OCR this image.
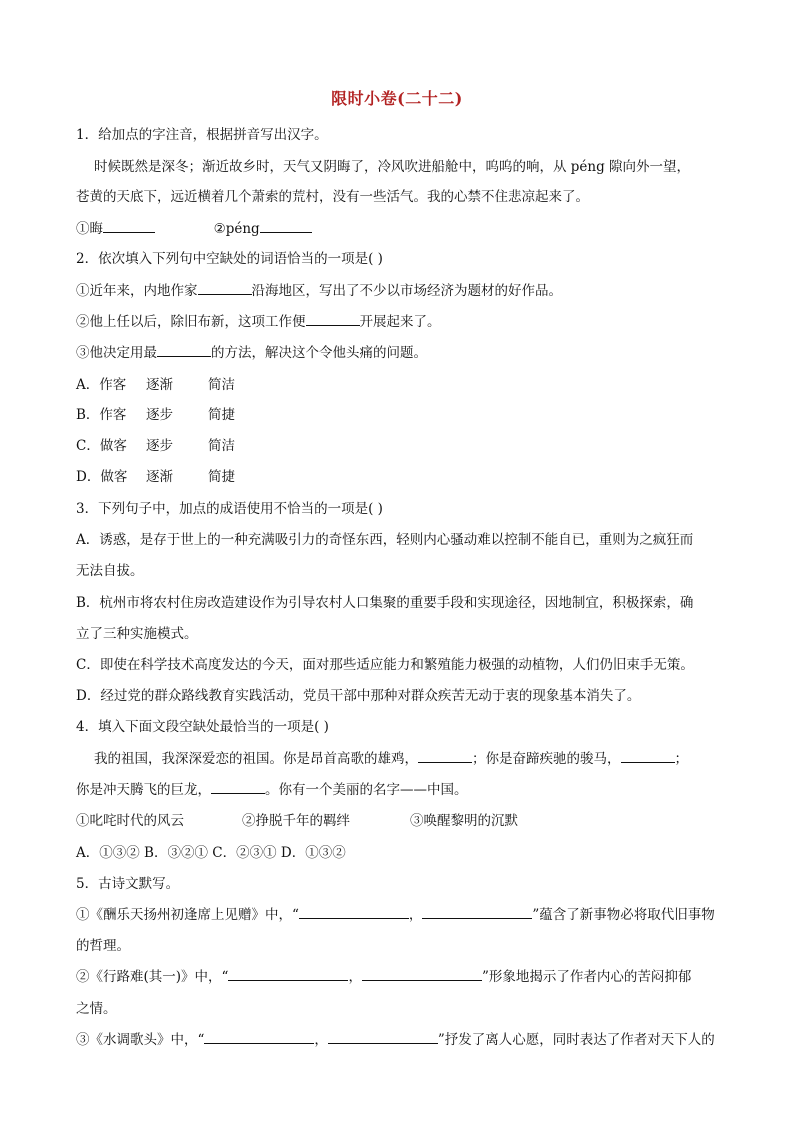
限时小卷(二十二)
1．给加点的字注音，根据拼音写出汉字。
时候既然是深冬；渐近故乡时，天气又阴晦了，冷风吹进船舱中，呜呜的响，从 péng 隙向外一望，
苍黄的天底下，远近横着几个萧索的荒村，没有一些活气。我的心禁不住悲凉起来了。
①晦	②péng
2．依次填入下列句中空缺处的词语恰当的一项是( )
①近年来，内地作家	沿海地区，写出了不少以市场经济为题材的好作品。
②他上任以后，除旧布新，这项工作便	开展起来了。
③他决定用最	的方法，解决这个令他头痛的问题。
A．作客 逐渐	简洁
B．作客 逐步	简捷
C．做客 逐步	简洁
D．做客 逐渐	简捷
3．下列句子中，加点的成语使用不恰当的一项是( )
A．诱惑，是存于世上的一种充满吸引力的奇怪东西，轻则内心骚动难以控制不能自已，重则为之疯狂而
无法自拔。
B．杭州市将农村住房改造建设作为引导农村人口集聚的重要手段和实现途径，因地制宜，积极探索，确
立了三种实施模式。
C．即使在科学技术高度发达的今天，面对那些适应能力和繁殖能力极强的动植物，人们仍旧束手无策。
D．经过党的群众路线教育实践活动，党员干部中那种对群众疾苦无动于衷的现象基本消失了。
4．填入下面文段空缺处最恰当的一项是( )
我的祖国，我深深爱恋的祖国。你是昂首高歌的雄鸡，	；你是奋蹄疾驰的骏马，	；
你是冲天腾飞的巨龙，	。你有一个美丽的名字——中国。
①叱咤时代的风云	②挣脱千年的羁绊	③唤醒黎明的沉默
A．①③② B．③②① C．②③① D．①③②
5．古诗文默写。
①《酬乐天扬州初逢席上见赠》中，“	，	”蕴含了新事物必将取代旧事物
的哲理。
②《行路难(其一)》中，“	，	”形象地揭示了作者内心的苦闷抑郁
之情。
③《水调歌头》中，“	，	”抒发了离人心愿，同时表达了作者对天下人的
